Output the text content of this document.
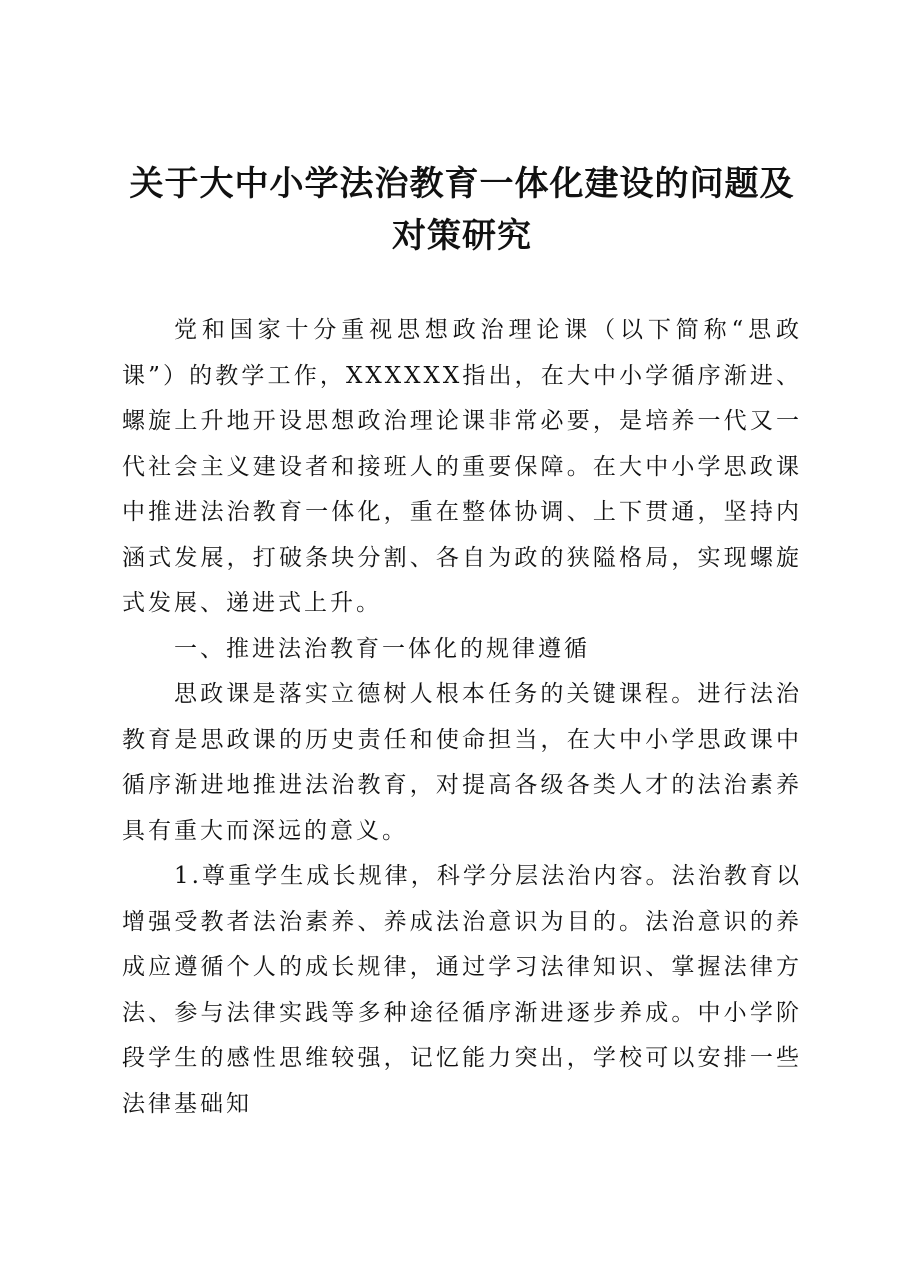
关于大中小学法治教育一体化建设的问题及对策研究

党和国家十分重视思想政治理论课（以下简称“思政课”）的教学工作，XXXXXX指出，在大中小学循序渐进、螺旋上升地开设思想政治理论课非常必要，是培养一代又一代社会主义建设者和接班人的重要保障。在大中小学思政课中推进法治教育一体化，重在整体协调、上下贯通，坚持内涵式发展，打破条块分割、各自为政的狭隘格局，实现螺旋式发展、递进式上升。

一、推进法治教育一体化的规律遵循

思政课是落实立德树人根本任务的关键课程。进行法治教育是思政课的历史责任和使命担当，在大中小学思政课中循序渐进地推进法治教育，对提高各级各类人才的法治素养具有重大而深远的意义。

1.尊重学生成长规律，科学分层法治内容。法治教育以增强受教者法治素养、养成法治意识为目的。法治意识的养成应遵循个人的成长规律，通过学习法律知识、掌握法律方法、参与法律实践等多种途径循序渐进逐步养成。中小学阶段学生的感性思维较强，记忆能力突出，学校可以安排一些法律基础知
